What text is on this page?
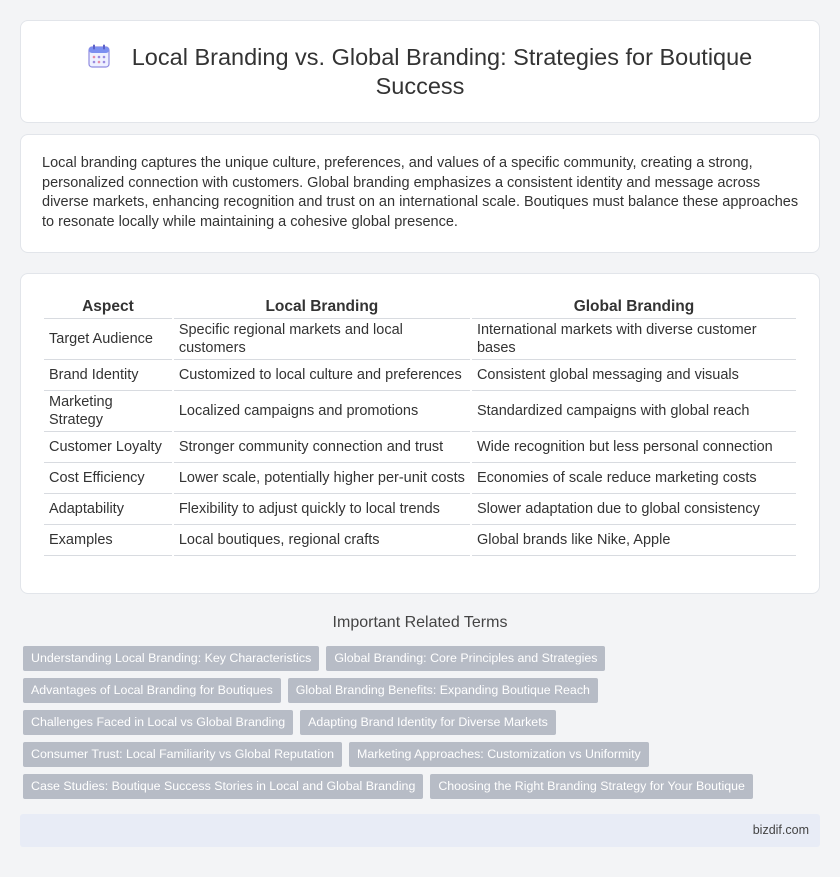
Local Branding vs. Global Branding: Strategies for Boutique Success

Local branding captures the unique culture, preferences, and values of a specific community, creating a strong, personalized connection with customers. Global branding emphasizes a consistent identity and message across diverse markets, enhancing recognition and trust on an international scale. Boutiques must balance these approaches to resonate locally while maintaining a cohesive global presence.

Aspect	Local Branding	Global Branding
Target Audience	Specific regional markets and local customers	International markets with diverse customer bases
Brand Identity	Customized to local culture and preferences	Consistent global messaging and visuals
Marketing Strategy	Localized campaigns and promotions	Standardized campaigns with global reach
Customer Loyalty	Stronger community connection and trust	Wide recognition but less personal connection
Cost Efficiency	Lower scale, potentially higher per-unit costs	Economies of scale reduce marketing costs
Adaptability	Flexibility to adjust quickly to local trends	Slower adaptation due to global consistency
Examples	Local boutiques, regional crafts	Global brands like Nike, Apple
Important Related Terms
Understanding Local Branding: Key Characteristics Global Branding: Core Principles and Strategies
Advantages of Local Branding for Boutiques Global Branding Benefits: Expanding Boutique Reach
Challenges Faced in Local vs Global Branding Adapting Brand Identity for Diverse Markets
Consumer Trust: Local Familiarity vs Global Reputation Marketing Approaches: Customization vs Uniformity
Case Studies: Boutique Success Stories in Local and Global Branding Choosing the Right Branding Strategy for Your Boutique
bizdif.com
